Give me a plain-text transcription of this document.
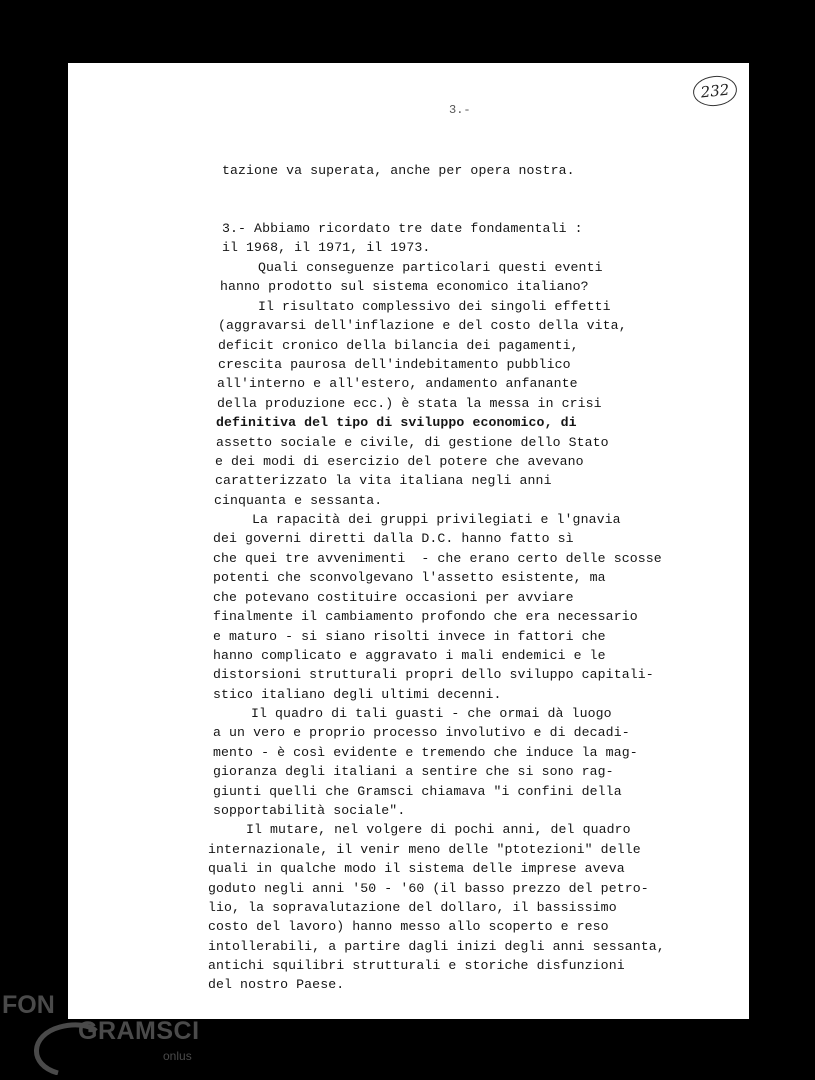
232
3.-
tazione va superata, anche per opera nostra.
3.- Abbiamo ricordato tre date fondamentali :
il 1968, il 1971, il 1973.
Quali conseguenze particolari questi eventi
hanno prodotto sul sistema economico italiano?
Il risultato complessivo dei singoli effetti
(aggravarsi dell'inflazione e del costo della vita,
deficit cronico della bilancia dei pagamenti,
crescita paurosa dell'indebitamento pubblico
all'interno e all'estero, andamento anfanante
della produzione ecc.) è stata la messa in crisi
definitiva del tipo di sviluppo economico, di
assetto sociale e civile, di gestione dello Stato
e dei modi di esercizio del potere che avevano
caratterizzato la vita italiana negli anni
cinquanta e sessanta.
La rapacità dei gruppi privilegiati e l'gnavia
dei governi diretti dalla D.C. hanno fatto sì
che quei tre avvenimenti  - che erano certo delle scosse
potenti che sconvolgevano l'assetto esistente, ma
che potevano costituire occasioni per avviare
finalmente il cambiamento profondo che era necessario
e maturo - si siano risolti invece in fattori che
hanno complicato e aggravato i mali endemici e le
distorsioni strutturali propri dello sviluppo capitali-
stico italiano degli ultimi decenni.
Il quadro di tali guasti - che ormai dà luogo
a un vero e proprio processo involutivo e di decadi-
mento - è così evidente e tremendo che induce la mag-
gioranza degli italiani a sentire che si sono rag-
giunti quelli che Gramsci chiamava "i confini della
sopportabilità sociale".
Il mutare, nel volgere di pochi anni, del quadro
internazionale, il venir meno delle "ptotezioni" delle
quali in qualche modo il sistema delle imprese aveva
goduto negli anni '50 - '60 (il basso prezzo del petro-
lio, la sopravalutazione del dollaro, il bassissimo
costo del lavoro) hanno messo allo scoperto e reso
intollerabili, a partire dagli inizi degli anni sessanta,
antichi squilibri strutturali e storiche disfunzioni
del nostro Paese.
FON
GRAMSCI
onlus
